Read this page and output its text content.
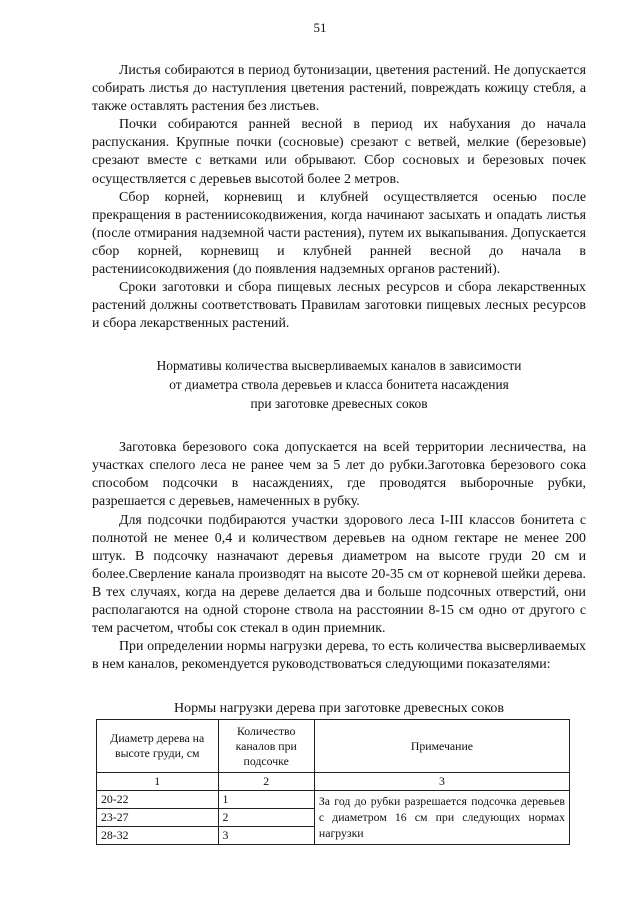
51

Листья собираются в период бутонизации, цветения растений. Не допускается собирать листья до наступления цветения растений, повреждать кожицу стебля, а также оставлять растения без листьев.

Почки собираются ранней весной в период их набухания до начала распускания. Крупные почки (сосновые) срезают с ветвей, мелкие (березовые) срезают вместе с ветками или обрывают. Сбор сосновых и березовых почек осуществляется с деревьев высотой более 2 метров.

Сбор корней, корневищ и клубней осуществляется осенью после прекращения в растениисокодвижения, когда начинают засыхать и опадать листья (после отмирания надземной части растения), путем их выкапывания. Допускается сбор корней, корневищ и клубней ранней весной до начала в растениисокодвижения (до появления надземных органов растений).

Сроки заготовки и сбора пищевых лесных ресурсов и сбора лекарственных растений должны соответствовать Правилам заготовки пищевых лесных ресурсов и сбора лекарственных растений.

Нормативы количества высверливаемых каналов в зависимости
от диаметра ствола деревьев и класса бонитета насаждения
при заготовке древесных соков

Заготовка березового сока допускается на всей территории лесничества, на участках спелого леса не ранее чем за 5 лет до рубки.Заготовка березового сока способом подсочки в насаждениях, где проводятся выборочные рубки, разрешается с деревьев, намеченных в рубку.

Для подсочки подбираются участки здорового леса I-III классов бонитета с полнотой не менее 0,4 и количеством деревьев на одном гектаре не менее 200 штук. В подсочку назначают деревья диаметром на высоте груди 20 см и более.Сверление канала производят на высоте 20-35 см от корневой шейки дерева. В тех случаях, когда на дереве делается два и больше подсочных отверстий, они располагаются на одной стороне ствола на расстоянии 8-15 см одно от другого с тем расчетом, чтобы сок стекал в один приемник.

При определении нормы нагрузки дерева, то есть количества высверливаемых в нем каналов, рекомендуется руководствоваться следующими показателями:

Нормы нагрузки дерева при заготовке древесных соков

Диаметр дерева на высоте груди, см	Количество каналов при подсочке	Примечание
1	2	3
20-22	1	За год до рубки разрешается подсочка деревьев с диаметром 16 см при следующих нормах нагрузки
23-27	2	
28-32	3	
